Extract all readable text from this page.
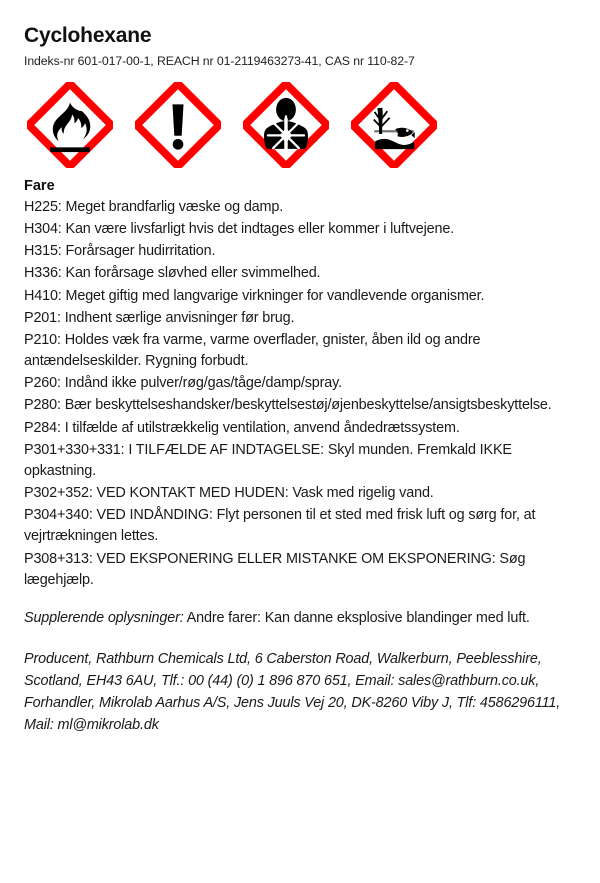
Cyclohexane

Indeks-nr 601-017-00-1, REACH nr 01-2119463273-41, CAS nr 110-82-7

Fare
H225: Meget brandfarlig væske og damp.
H304: Kan være livsfarligt hvis det indtages eller kommer i luftvejene.
H315: Forårsager hudirritation.
H336: Kan forårsage sløvhed eller svimmelhed.
H410: Meget giftig med langvarige virkninger for vandlevende organismer.
P201: Indhent særlige anvisninger før brug.
P210: Holdes væk fra varme, varme overflader, gnister, åben ild og andre antændelseskilder. Rygning forbudt.
P260: Indånd ikke pulver/røg/gas/tåge/damp/spray.
P280: Bær beskyttelseshandsker/beskyttelsestøj/øjenbeskyttelse/ansigtsbeskyttelse.
P284: I tilfælde af utilstrækkelig ventilation, anvend åndedrætssystem.
P301+330+331: I TILFÆLDE AF INDTAGELSE: Skyl munden. Fremkald IKKE opkastning.
P302+352: VED KONTAKT MED HUDEN: Vask med rigelig vand.
P304+340: VED INDÅNDING: Flyt personen til et sted med frisk luft og sørg for, at vejrtrækningen lettes.
P308+313: VED EKSPONERING ELLER MISTANKE OM EKSPONERING: Søg lægehjælp.

Supplerende oplysninger: Andre farer: Kan danne eksplosive blandinger med luft.

Producent, Rathburn Chemicals Ltd, 6 Caberston Road, Walkerburn, Peeblesshire, Scotland, EH43 6AU, Tlf.: 00 (44) (0) 1 896 870 651, Email: sales@rathburn.co.uk, Forhandler, Mikrolab Aarhus A/S, Jens Juuls Vej 20, DK-8260 Viby J, Tlf: 4586296111, Mail: ml@mikrolab.dk
